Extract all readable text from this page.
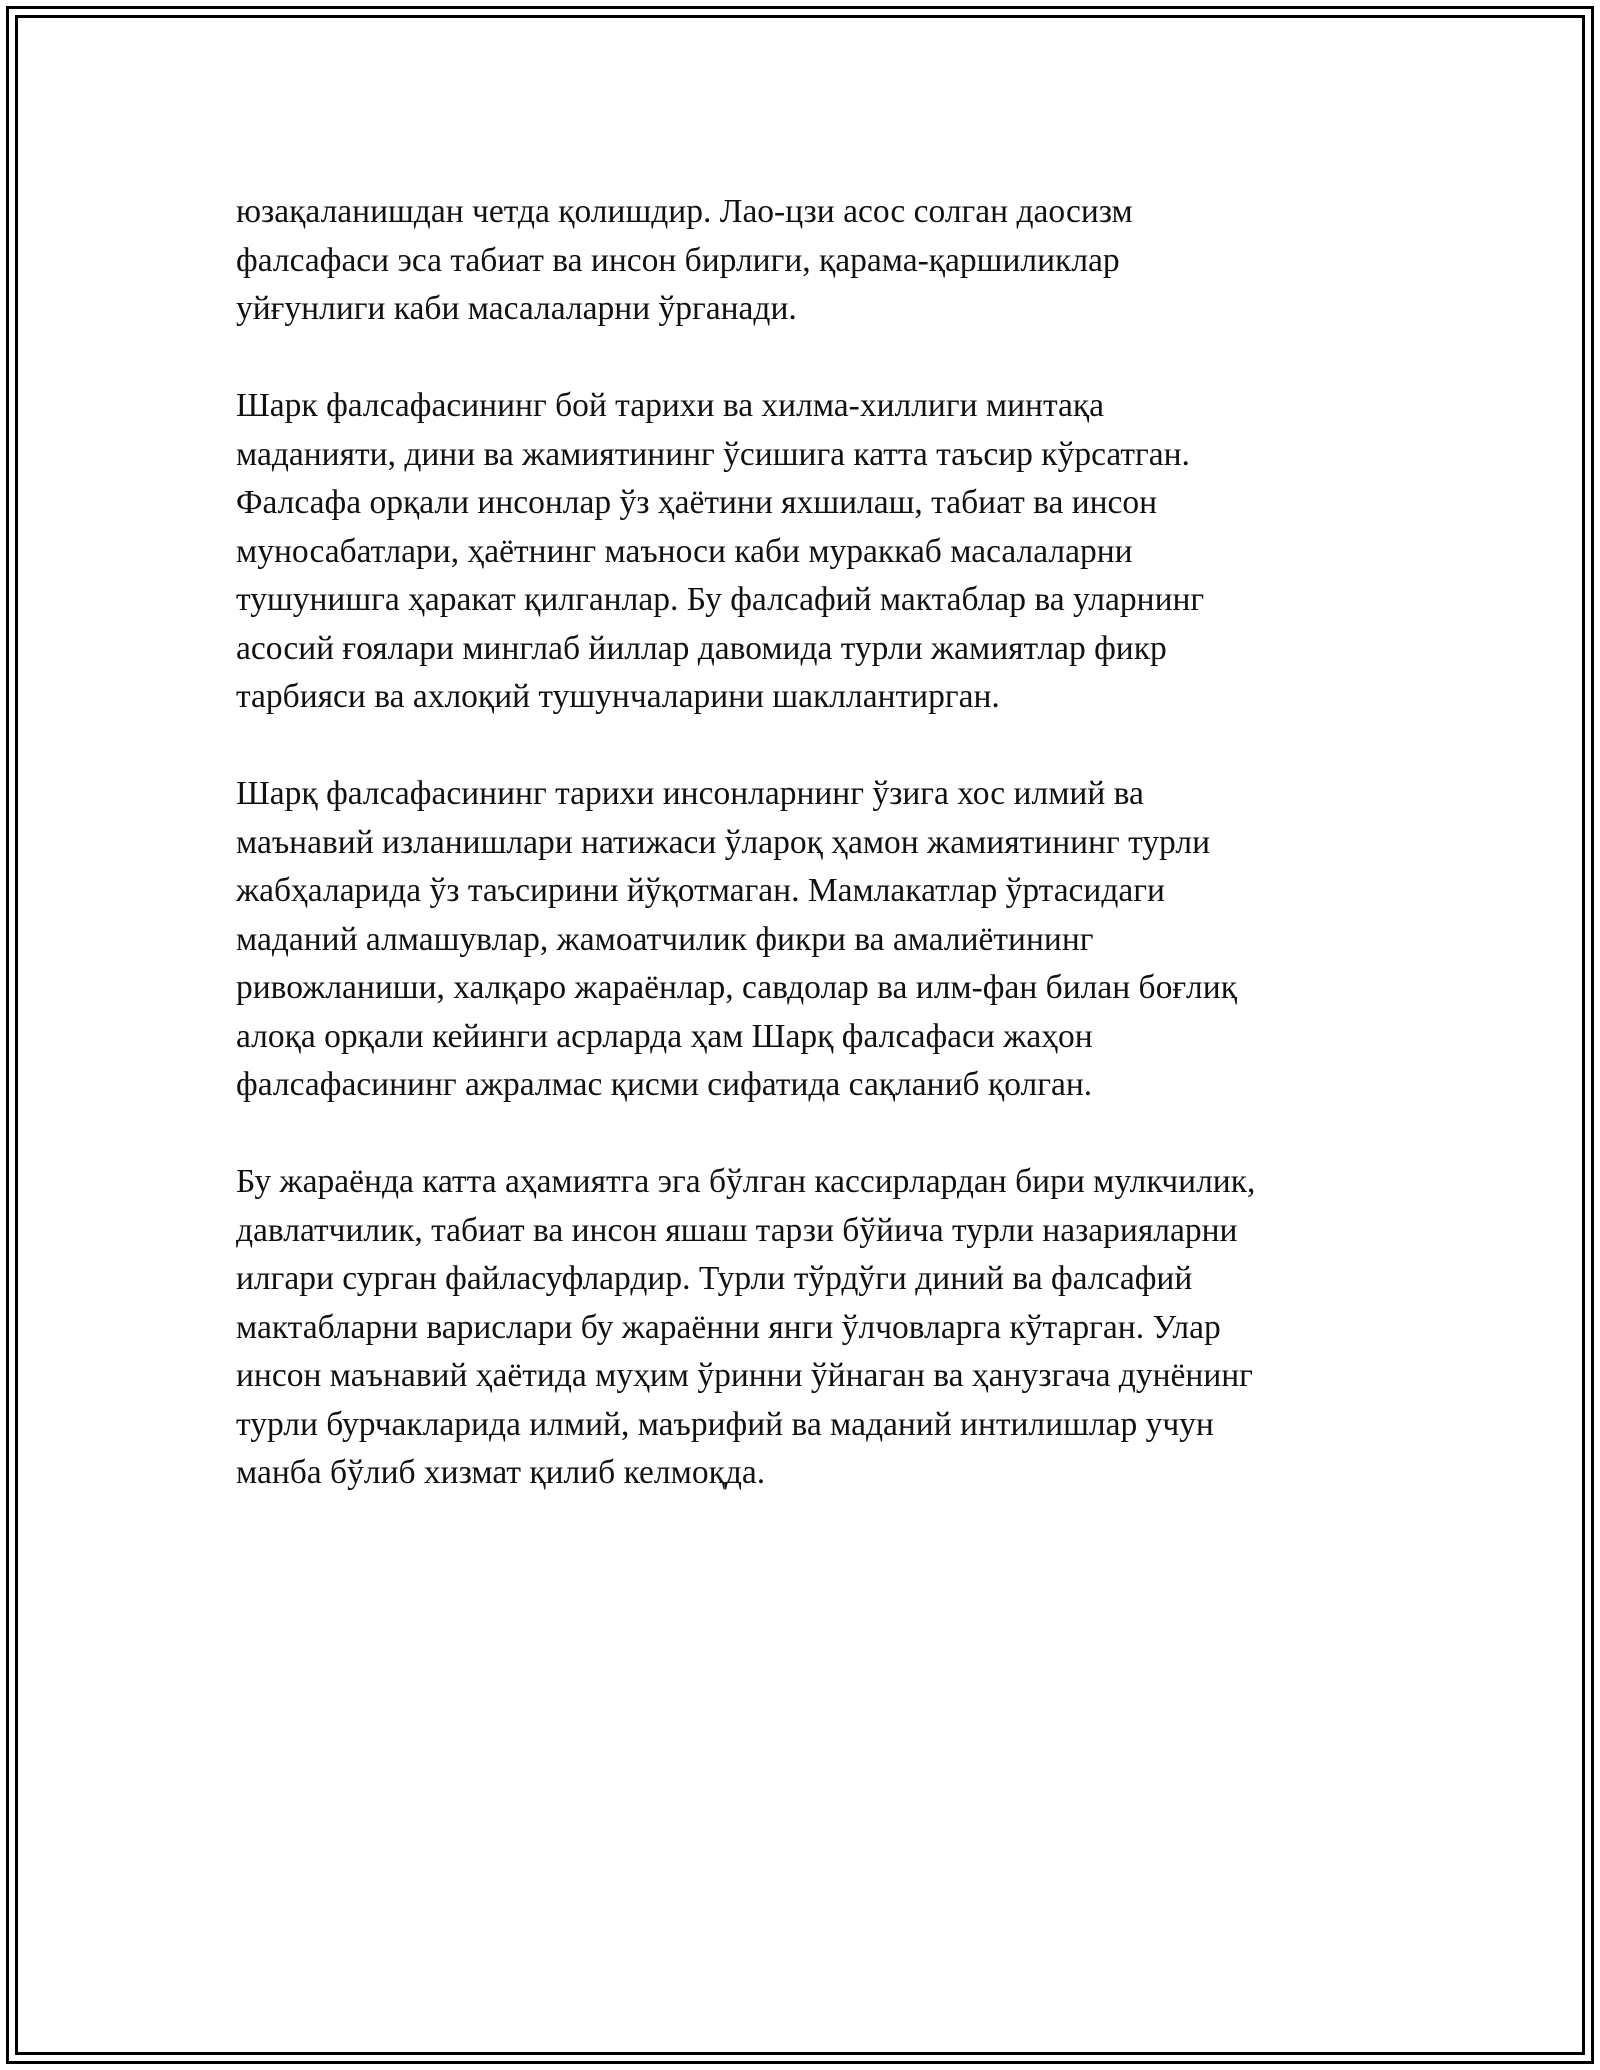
юзақаланишдан четда қолишдир. Лао-цзи асос солган даосизм
фалсафаси эса табиат ва инсон бирлиги, қарама-қаршиликлар
уйғунлиги каби масалаларни ўрганади.

Шарк фалсафасининг бой тарихи ва хилма-хиллиги минтақа
маданияти, дини ва жамиятининг ўсишига катта таъсир кўрсатган.
Фалсафа орқали инсонлар ўз ҳаётини яхшилаш, табиат ва инсон
муносабатлари, ҳаётнинг маъноси каби мураккаб масалаларни
тушунишга ҳаракат қилганлар. Бу фалсафий мактаблар ва уларнинг
асосий ғоялари минглаб йиллар давомида турли жамиятлар фикр
тарбияси ва ахлоқий тушунчаларини шакллантирган.

Шарқ фалсафасининг тарихи инсонларнинг ўзига хос илмий ва
маънавий изланишлари натижаси ўлароқ ҳамон жамиятининг турли
жабҳаларида ўз таъсирини йўқотмаган. Мамлакатлар ўртасидаги
маданий алмашувлар, жамоатчилик фикри ва амалиётининг
ривожланиши, халқаро жараёнлар, савдолар ва илм-фан билан боғлиқ
алоқа орқали кейинги асрларда ҳам Шарқ фалсафаси жаҳон
фалсафасининг ажралмас қисми сифатида сақланиб қолган.

Бу жараёнда катта аҳамиятга эга бўлган кассирлардан бири мулкчилик,
давлатчилик, табиат ва инсон яшаш тарзи бўйича турли назарияларни
илгари сурган файласуфлардир. Турли тўрдўги диний ва фалсафий
мактабларни варислари бу жараённи янги ўлчовларга кўтарган. Улар
инсон маънавий ҳаётида муҳим ўринни ўйнаган ва ҳанузгача дунёнинг
турли бурчакларида илмий, маърифий ва маданий интилишлар учун
манба бўлиб хизмат қилиб келмоқда.
